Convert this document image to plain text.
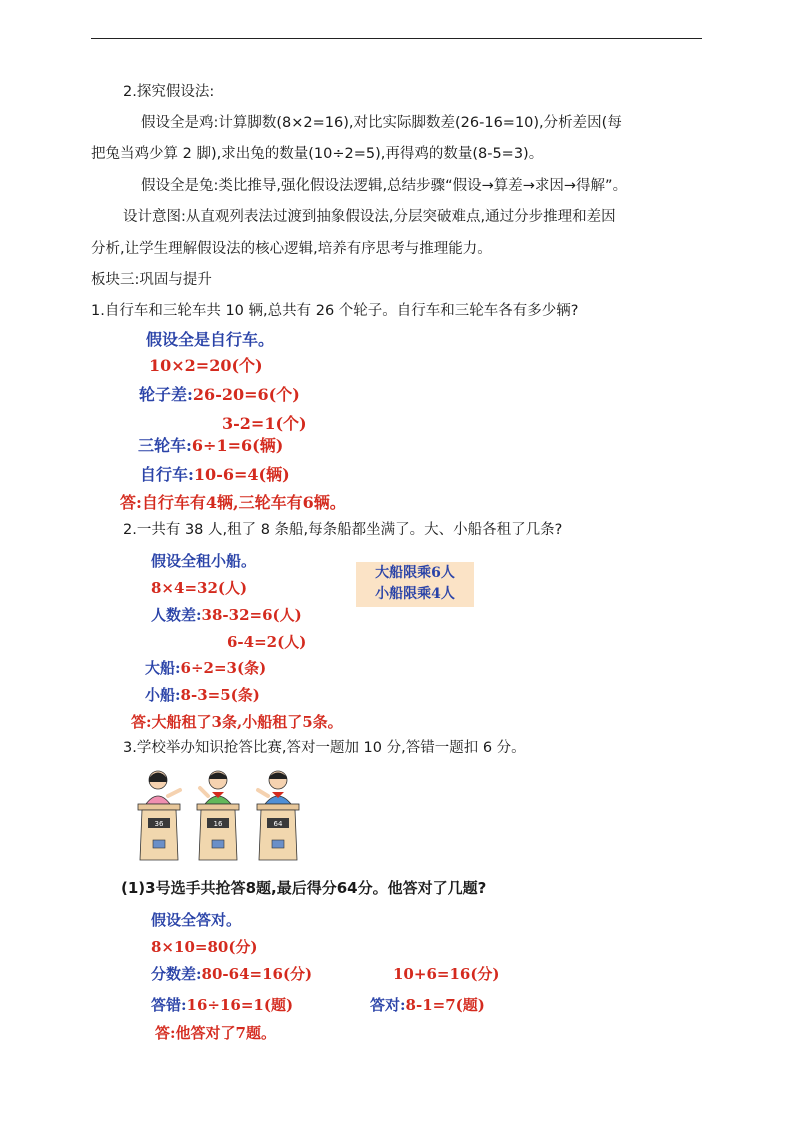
2.探究假设法:
假设全是鸡:计算脚数(8×2=16),对比实际脚数差(26-16=10),分析差因(每
把兔当鸡少算 2 脚),求出兔的数量(10÷2=5),再得鸡的数量(8-5=3)。
假设全是兔:类比推导,强化假设法逻辑,总结步骤“假设→算差→求因→得解”。
设计意图:从直观列表法过渡到抽象假设法,分层突破难点,通过分步推理和差因
分析,让学生理解假设法的核心逻辑,培养有序思考与推理能力。
板块三:巩固与提升
1.自行车和三轮车共 10 辆,总共有 26 个轮子。自行车和三轮车各有多少辆?
假设全是自行车。
10×2=20(个)
轮子差:26-20=6(个)
3-2=1(个)
三轮车:6÷1=6(辆)
自行车:10-6=4(辆)
答:自行车有4辆,三轮车有6辆。
2.一共有 38 人,租了 8 条船,每条船都坐满了。大、小船各租了几条?
假设全租小船。
8×4=32(人)
人数差:38-32=6(人)
6-4=2(人)
大船:6÷2=3(条)
小船:8-3=5(条)
答:大船租了3条,小船租了5条。
大船限乘6人
小船限乘4人
3.学校举办知识抢答比赛,答对一题加 10 分,答错一题扣 6 分。
36	16	64
(1)3号选手共抢答8题,最后得分64分。他答对了几题?
假设全答对。
8×10=80(分)
分数差:80-64=16(分)	10+6=16(分)
答错:16÷16=1(题)	答对:8-1=7(题)
答:他答对了7题。
